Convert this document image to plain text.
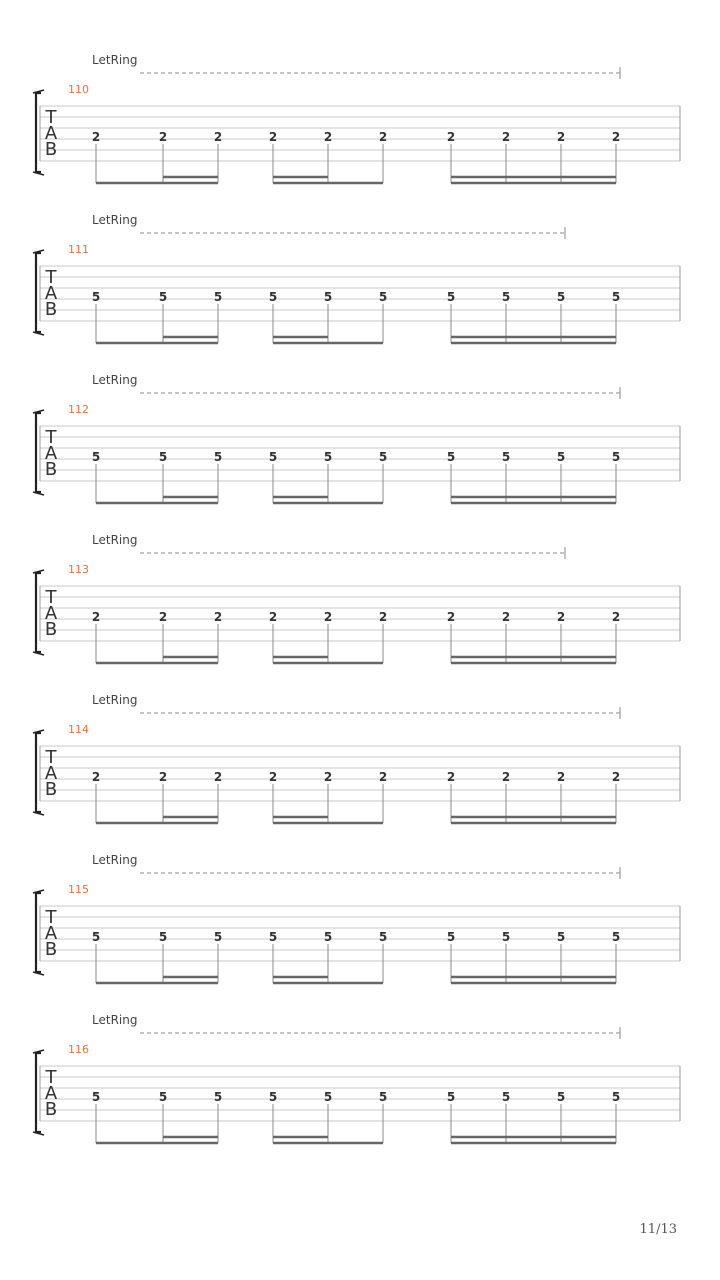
LetRing
110
T
A
B
2	2	2	2	2	2	2	2	2	2
LetRing
111
T
A
B
5	5	5	5	5	5	5	5	5	5
LetRing
112
T
A
B
5	5	5	5	5	5	5	5	5	5
LetRing
113
T
A
B
2	2	2	2	2	2	2	2	2	2
LetRing
114
T
A
B
2	2	2	2	2	2	2	2	2	2
LetRing
115
T
A
B
5	5	5	5	5	5	5	5	5	5
LetRing
116
T
A
B
5	5	5	5	5	5	5	5	5	5
11/13
